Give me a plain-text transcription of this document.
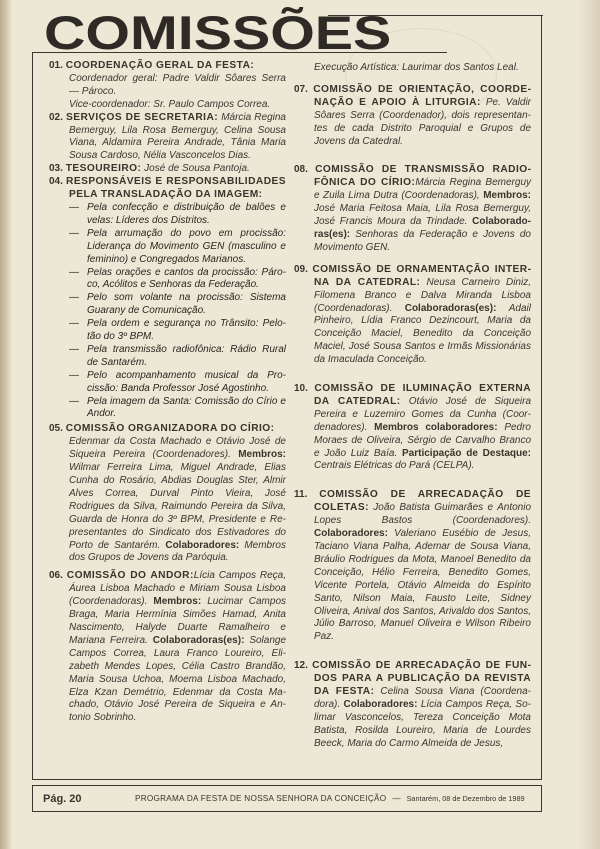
COMISSÕES
01. COORDENAÇÃO GERAL DA FESTA:
Coordenador geral: Padre Valdir Sôares Serra — Pároco.
Vice-coordenador: Sr. Paulo Campos Correa.
02. SERVIÇOS DE SECRETARIA: Márcia Regina Bemerguy, Lila Rosa Bemerguy, Celina Sousa Viana, Aldamira Pereira Andrade, Tânia Maria Sousa Cardoso, Nélia Vasconcelos Dias.
03. TESOUREIRO: José de Sousa Pantoja.
04. RESPONSÁVEIS E RESPONSABILIDADES PELA TRANSLADAÇÃO DA IMAGEM:
— Pela confecção e distribuição de balões e velas: Líderes dos Distritos.
— Pela arrumação do povo em procissão: Liderança do Movimento GEN (masculino e feminino) e Congregados Marianos.
— Pelas orações e cantos da procissão: Pároco, Acólitos e Senhoras da Federação.
— Pelo som volante na procissão: Sistema Guarany de Comunicação.
— Pela ordem e segurança no Trânsito: Pelotão do 3º BPM.
— Pela transmissão radiofônica: Rádio Rural de Santarém.
— Pelo acompanhamento musical da Procissão: Banda Professor José Agostinho.
— Pela imagem da Santa: Comissão do Círio e Andor.
05. COMISSÃO ORGANIZADORA DO CÍRIO:
Edenmar da Costa Machado e Otávio José de Siqueira Pereira (Coordenadores). Membros: Wilmar Ferreira Lima, Miguel Andrade, Elias Cunha do Rosário, Abdias Douglas Ster, Almir Alves Correa, Durval Pinto Vieira, José Rodrigues da Silva, Raimundo Pereira da Silva, Guarda de Honra do 3º BPM, Presidente e Representantes do Sindicato dos Estivadores do Porto de Santarém. Colaboradores: Membros dos Grupos de Jovens da Paróquia.
06. COMISSÃO DO ANDOR:Lícia Campos Reça, Áurea Lisboa Machado e Miriam Sousa Lisboa (Coordenadoras). Membros: Lucimar Campos Braga, Maria Hermínia Simões Hamad, Anita Nascimento, Halyde Duarte Ramalheiro e Mariana Ferreira. Colaboradoras(es): Solange Campos Correa, Laura Franco Loureiro, Elizabeth Mendes Lopes, Célia Castro Brandão, Maria Sousa Uchoa, Moema Lisboa Machado, Elza Kzan Demétrio, Edenmar da Costa Machado, Otávio José Pereira de Siqueira e Antonio Sobrinho.
Execução Artística: Laurimar dos Santos Leal.
07. COMISSÃO DE ORIENTAÇÃO, COORDENAÇÃO E APOIO À LITURGIA: Pe. Valdir Sôares Serra (Coordenador), dois representantes de cada Distrito Paroquial e Grupos de Jovens da Catedral.
08. COMISSÃO DE TRANSMISSÃO RADIOFÔNICA DO CÍRIO:Márcia Regina Bemerguy e Zuila Lima Dutra (Coordenadoras), Membros: José Maria Feitosa Maia, Lila Rosa Bemerguy, José Francis Moura da Trindade. Colaboradoras(es): Senhoras da Federação e Jovens do Movimento GEN.
09. COMISSÃO DE ORNAMENTAÇÃO INTERNA DA CATEDRAL: Neusa Carneiro Diniz, Filomena Branco e Dalva Miranda Lisboa (Coordenadoras). Colaboradoras(es): Adail Pinheiro, Lídia Franco Dezincourt, Maria da Conceição Maciel, Benedito da Conceição Maciel, José Sousa Santos e Irmãs Missionárias da Imaculada Conceição.
10. COMISSÃO DE ILUMINAÇÃO EXTERNA DA CATEDRAL: Otávio José de Siqueira Pereira e Luzemiro Gomes da Cunha (Coordenadores). Membros colaboradores: Pedro Moraes de Oliveira, Sérgio de Carvalho Branco e João Luiz Baía. Participação de Destaque: Centrais Elétricas do Pará (CELPA).
11. COMISSÃO DE ARRECADAÇÃO DE COLETAS: João Batista Guimarães e Antonio Lopes Bastos (Coordenadores). Colaboradores: Valeriano Eusébio de Jesus, Taciano Viana Palha, Ademar de Sousa Viana, Bráulio Rodrigues da Mota, Manoel Benedito da Conceição, Hélio Ferreira, Benedito Gomes, Vicente Portela, Otávio Almeida do Espírito Santo, Nilson Maia, Fausto Leite, Sidney Oliveira, Anival dos Santos, Arivaldo dos Santos, Júlio Barroso, Manuel Oliveira e Wilson Ribeiro Paz.
12. COMISSÃO DE ARRECADAÇÃO DE FUNDOS PARA A PUBLICAÇÃO DA REVISTA DA FESTA: Celina Sousa Viana (Coordenadora). Colaboradores: Lícia Campos Reça, Solimar Vasconcelos, Tereza Conceição Mota Batista, Rosilda Loureiro, Maria de Lourdes Beeck, Maria do Carmo Almeida de Jesus,
Pág. 20	PROGRAMA DA FESTA DE NOSSA SENHORA DA CONCEIÇÃO — Santarém, 08 de Dezembro de 1989
